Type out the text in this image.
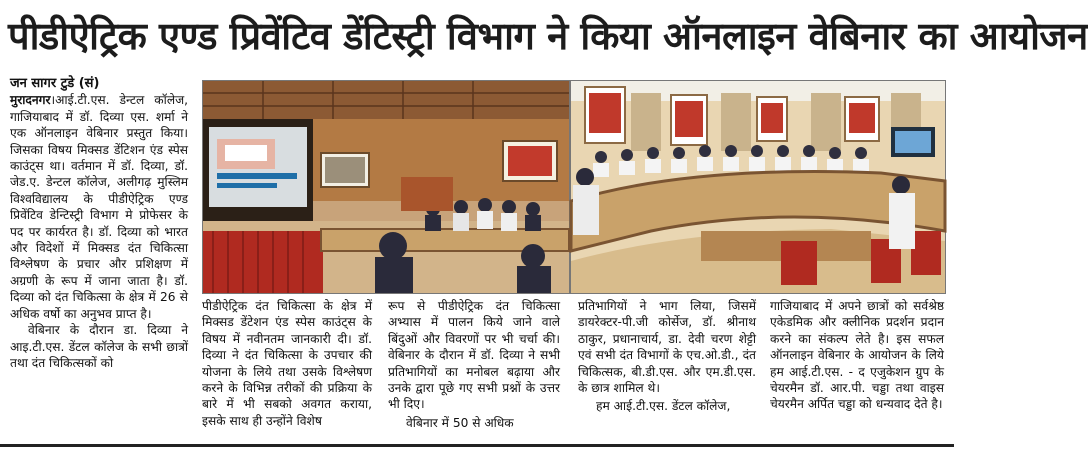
पीडीऐट्रिक एण्ड प्रिवेंटिव डेंटिस्ट्री विभाग ने किया ऑनलाइन वेबिनार का आयोजन

जन सागर टुडे (सं)

मुरादनगर।आई.टी.एस. डेन्टल कॉलेज, गाजियाबाद में डॉ. दिव्या एस. शर्मा ने एक ऑनलाइन वेबिनार प्रस्तुत किया। जिसका विषय मिक्सड डेंटिशन एंड स्पेस काउंट्स था। वर्तमान में डॉ. दिव्या, डॉ. जेड.ए. डेन्टल कॉलेज, अलीगढ़ मुस्लिम विश्वविद्यालय के पीडीऐट्रिक एण्ड प्रिवेंटिव डेन्टिस्ट्री विभाग मे प्रोफेसर के पद पर कार्यरत है। डॉ. दिव्या को भारत और विदेशों में मिक्सड दंत चिकित्सा विश्लेषण के प्रचार और प्रशिक्षण में अग्रणी के रूप में जाना जाता है। डॉ. दिव्या को दंत चिकित्सा के क्षेत्र में 26 से अधिक वर्षो का अनुभव प्राप्त है।

वेबिनार के दौरान डा. दिव्या ने आइ.टी.एस. डेंटल कॉलेज के सभी छात्रों तथा दंत चिकित्सकों को

पीडीऐट्रिक दंत चिकित्सा के क्षेत्र में मिक्सड डेंटेशन एंड स्पेस काउंट्स के विषय में नवीनतम जानकारी दी। डॉ. दिव्या ने दंत चिकित्सा के उपचार की योजना के लिये तथा उसके विश्लेषण करने के विभिन्न तरीकों की प्रक्रिया के बारे में भी सबको अवगत कराया, इसके साथ ही उन्होंने विशेष

रूप से पीडीऐट्रिक दंत चिकित्सा अभ्यास में पालन किये जाने वाले बिंदुओं और विवरणों पर भी चर्चा की। वेबिनार के दौरान में डॉ. दिव्या ने सभी प्रतिभागियों का मनोबल बढ़ाया और उनके द्वारा पूछे गए सभी प्रश्नों के उत्तर भी दिए।

वेबिनार में 50 से अधिक

प्रतिभागियों ने भाग लिया, जिसमें डायरेक्टर-पी.जी कोर्सेज, डॉ. श्रीनाथ ठाकुर, प्रधानाचार्य, डा. देवी चरण शेट्टी एवं सभी दंत विभागों के एच.ओ.डी., दंत चिकित्सक, बी.डी.एस. और एम.डी.एस. के छात्र शामिल थे।

हम आई.टी.एस. डेंटल कॉलेज,

गाजियाबाद में अपने छात्रों को सर्वश्रेष्ठ एकेडमिक और क्लीनिक प्रदर्शन प्रदान करने का संकल्प लेते है। इस सफल ऑनलाइन वेबिनार के आयोजन के लिये हम आई.टी.एस. - द एजुकेशन ग्रुप के चेयरमैन डॉ. आर.पी. चड्डा तथा वाइस चेयरमैन अर्पित चड्डा को धन्यवाद देते है।
